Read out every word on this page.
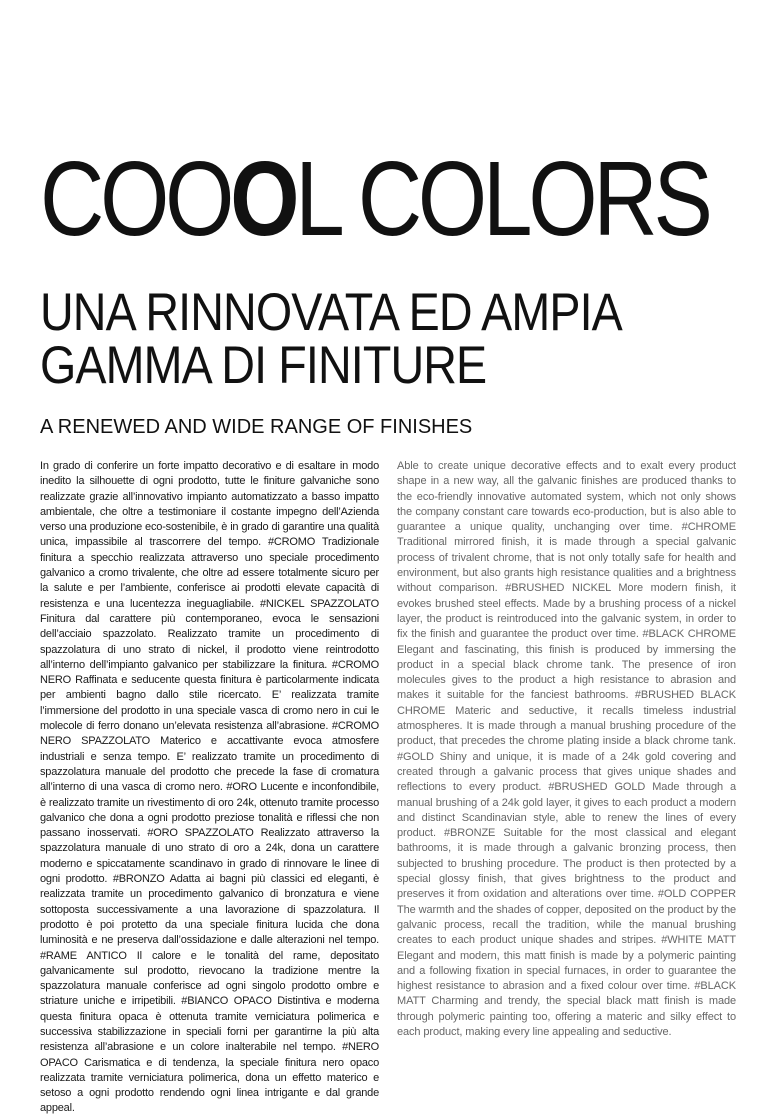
COOOL COLORS
UNA RINNOVATA ED AMPIA
GAMMA DI FINITURE
A RENEWED AND WIDE RANGE OF FINISHES
In grado di conferire un forte impatto decorativo e di esaltare in modo inedito la silhouette di ogni prodotto, tutte le finiture galvaniche sono realizzate grazie all’innovativo impianto automatizzato a basso impatto ambientale, che oltre a testimoniare il costante impegno dell’Azienda verso una produzione eco-sostenibile, è in grado di garantire una qualità unica, impassibile al trascorrere del tempo. #CROMO Tradizionale finitura a specchio realizzata attraverso uno speciale procedimento galvanico a cromo trivalente, che oltre ad essere totalmente sicuro per la salute e per l’ambiente, conferisce ai prodotti elevate capacità di resistenza e una lucentezza ineguagliabile. #NICKEL SPAZZOLATO Finitura dal carattere più contemporaneo, evoca le sensazioni dell’acciaio spazzolato. Realizzato tramite un procedimento di spazzolatura di uno strato di nickel, il prodotto viene reintrodotto all’interno dell’impianto galvanico per stabilizzare la finitura. #CROMO NERO Raffinata e seducente questa finitura è particolarmente indicata per ambienti bagno dallo stile ricercato. E’ realizzata tramite l’immersione del prodotto in una speciale vasca di cromo nero in cui le molecole di ferro donano un’elevata resistenza all’abrasione. #CROMO NERO SPAZZOLATO Materico e accattivante evoca atmosfere industriali e senza tempo. E’ realizzato tramite un procedimento di spazzolatura manuale del prodotto che precede la fase di cromatura all’interno di una vasca di cromo nero. #ORO Lucente e inconfondibile, è realizzato tramite un rivestimento di oro 24k, ottenuto tramite processo galvanico che dona a ogni prodotto preziose tonalità e riflessi che non passano inosservati. #ORO SPAZZOLATO Realizzato attraverso la spazzolatura manuale di uno strato di oro a 24k, dona un carattere moderno e spiccatamente scandinavo in grado di rinnovare le linee di ogni prodotto. #BRONZO Adatta ai bagni più classici ed eleganti, è realizzata tramite un procedimento galvanico di bronzatura e viene sottoposta successivamente a una lavorazione di spazzolatura. Il prodotto è poi protetto da una speciale finitura lucida che dona luminosità e ne preserva dall’ossidazione e dalle alterazioni nel tempo. #RAME ANTICO Il calore e le tonalità del rame, depositato galvanicamente sul prodotto, rievocano la tradizione mentre la spazzolatura manuale conferisce ad ogni singolo prodotto ombre e striature uniche e irripetibili. #BIANCO OPACO Distintiva e moderna questa finitura opaca è ottenuta tramite verniciatura polimerica e successiva stabilizzazione in speciali forni per garantirne la più alta resistenza all’abrasione e un colore inalterabile nel tempo. #NERO OPACO Carismatica e di tendenza, la speciale finitura nero opaco realizzata tramite verniciatura polimerica, dona un effetto materico e setoso a ogni prodotto rendendo ogni linea intrigante e dal grande appeal.
Able to create unique decorative effects and to exalt every product shape in a new way, all the galvanic finishes are produced thanks to the eco-friendly innovative automated system, which not only shows the company constant care towards eco-production, but is also able to guarantee a unique quality, unchanging over time. #CHROME Traditional mirrored finish, it is made through a special galvanic process of trivalent chrome, that is not only totally safe for health and environment, but also grants high resistance qualities and a brightness without comparison. #BRUSHED NICKEL More modern finish, it evokes brushed steel effects. Made by a brushing process of a nickel layer, the product is reintroduced into the galvanic system, in order to fix the finish and guarantee the product over time. #BLACK CHROME Elegant and fascinating, this finish is produced by immersing the product in a special black chrome tank. The presence of iron molecules gives to the product a high resistance to abrasion and makes it suitable for the fanciest bathrooms. #BRUSHED BLACK CHROME Materic and seductive, it recalls timeless industrial atmospheres. It is made through a manual brushing procedure of the product, that precedes the chrome plating inside a black chrome tank. #GOLD Shiny and unique, it is made of a 24k gold covering and created through a galvanic process that gives unique shades and reflections to every product. #BRUSHED GOLD Made through a manual brushing of a 24k gold layer, it gives to each product a modern and distinct Scandinavian style, able to renew the lines of every product. #BRONZE Suitable for the most classical and elegant bathrooms, it is made through a galvanic bronzing process, then subjected to brushing procedure. The product is then protected by a special glossy finish, that gives brightness to the product and preserves it from oxidation and alterations over time. #OLD COPPER The warmth and the shades of copper, deposited on the product by the galvanic process, recall the tradition, while the manual brushing creates to each product unique shades and stripes. #WHITE MATT Elegant and modern, this matt finish is made by a polymeric painting and a following fixation in special furnaces, in order to guarantee the highest resistance to abrasion and a fixed colour over time. #BLACK MATT Charming and trendy, the special black matt finish is made through polymeric painting too, offering a materic and silky effect to each product, making every line appealing and seductive.
